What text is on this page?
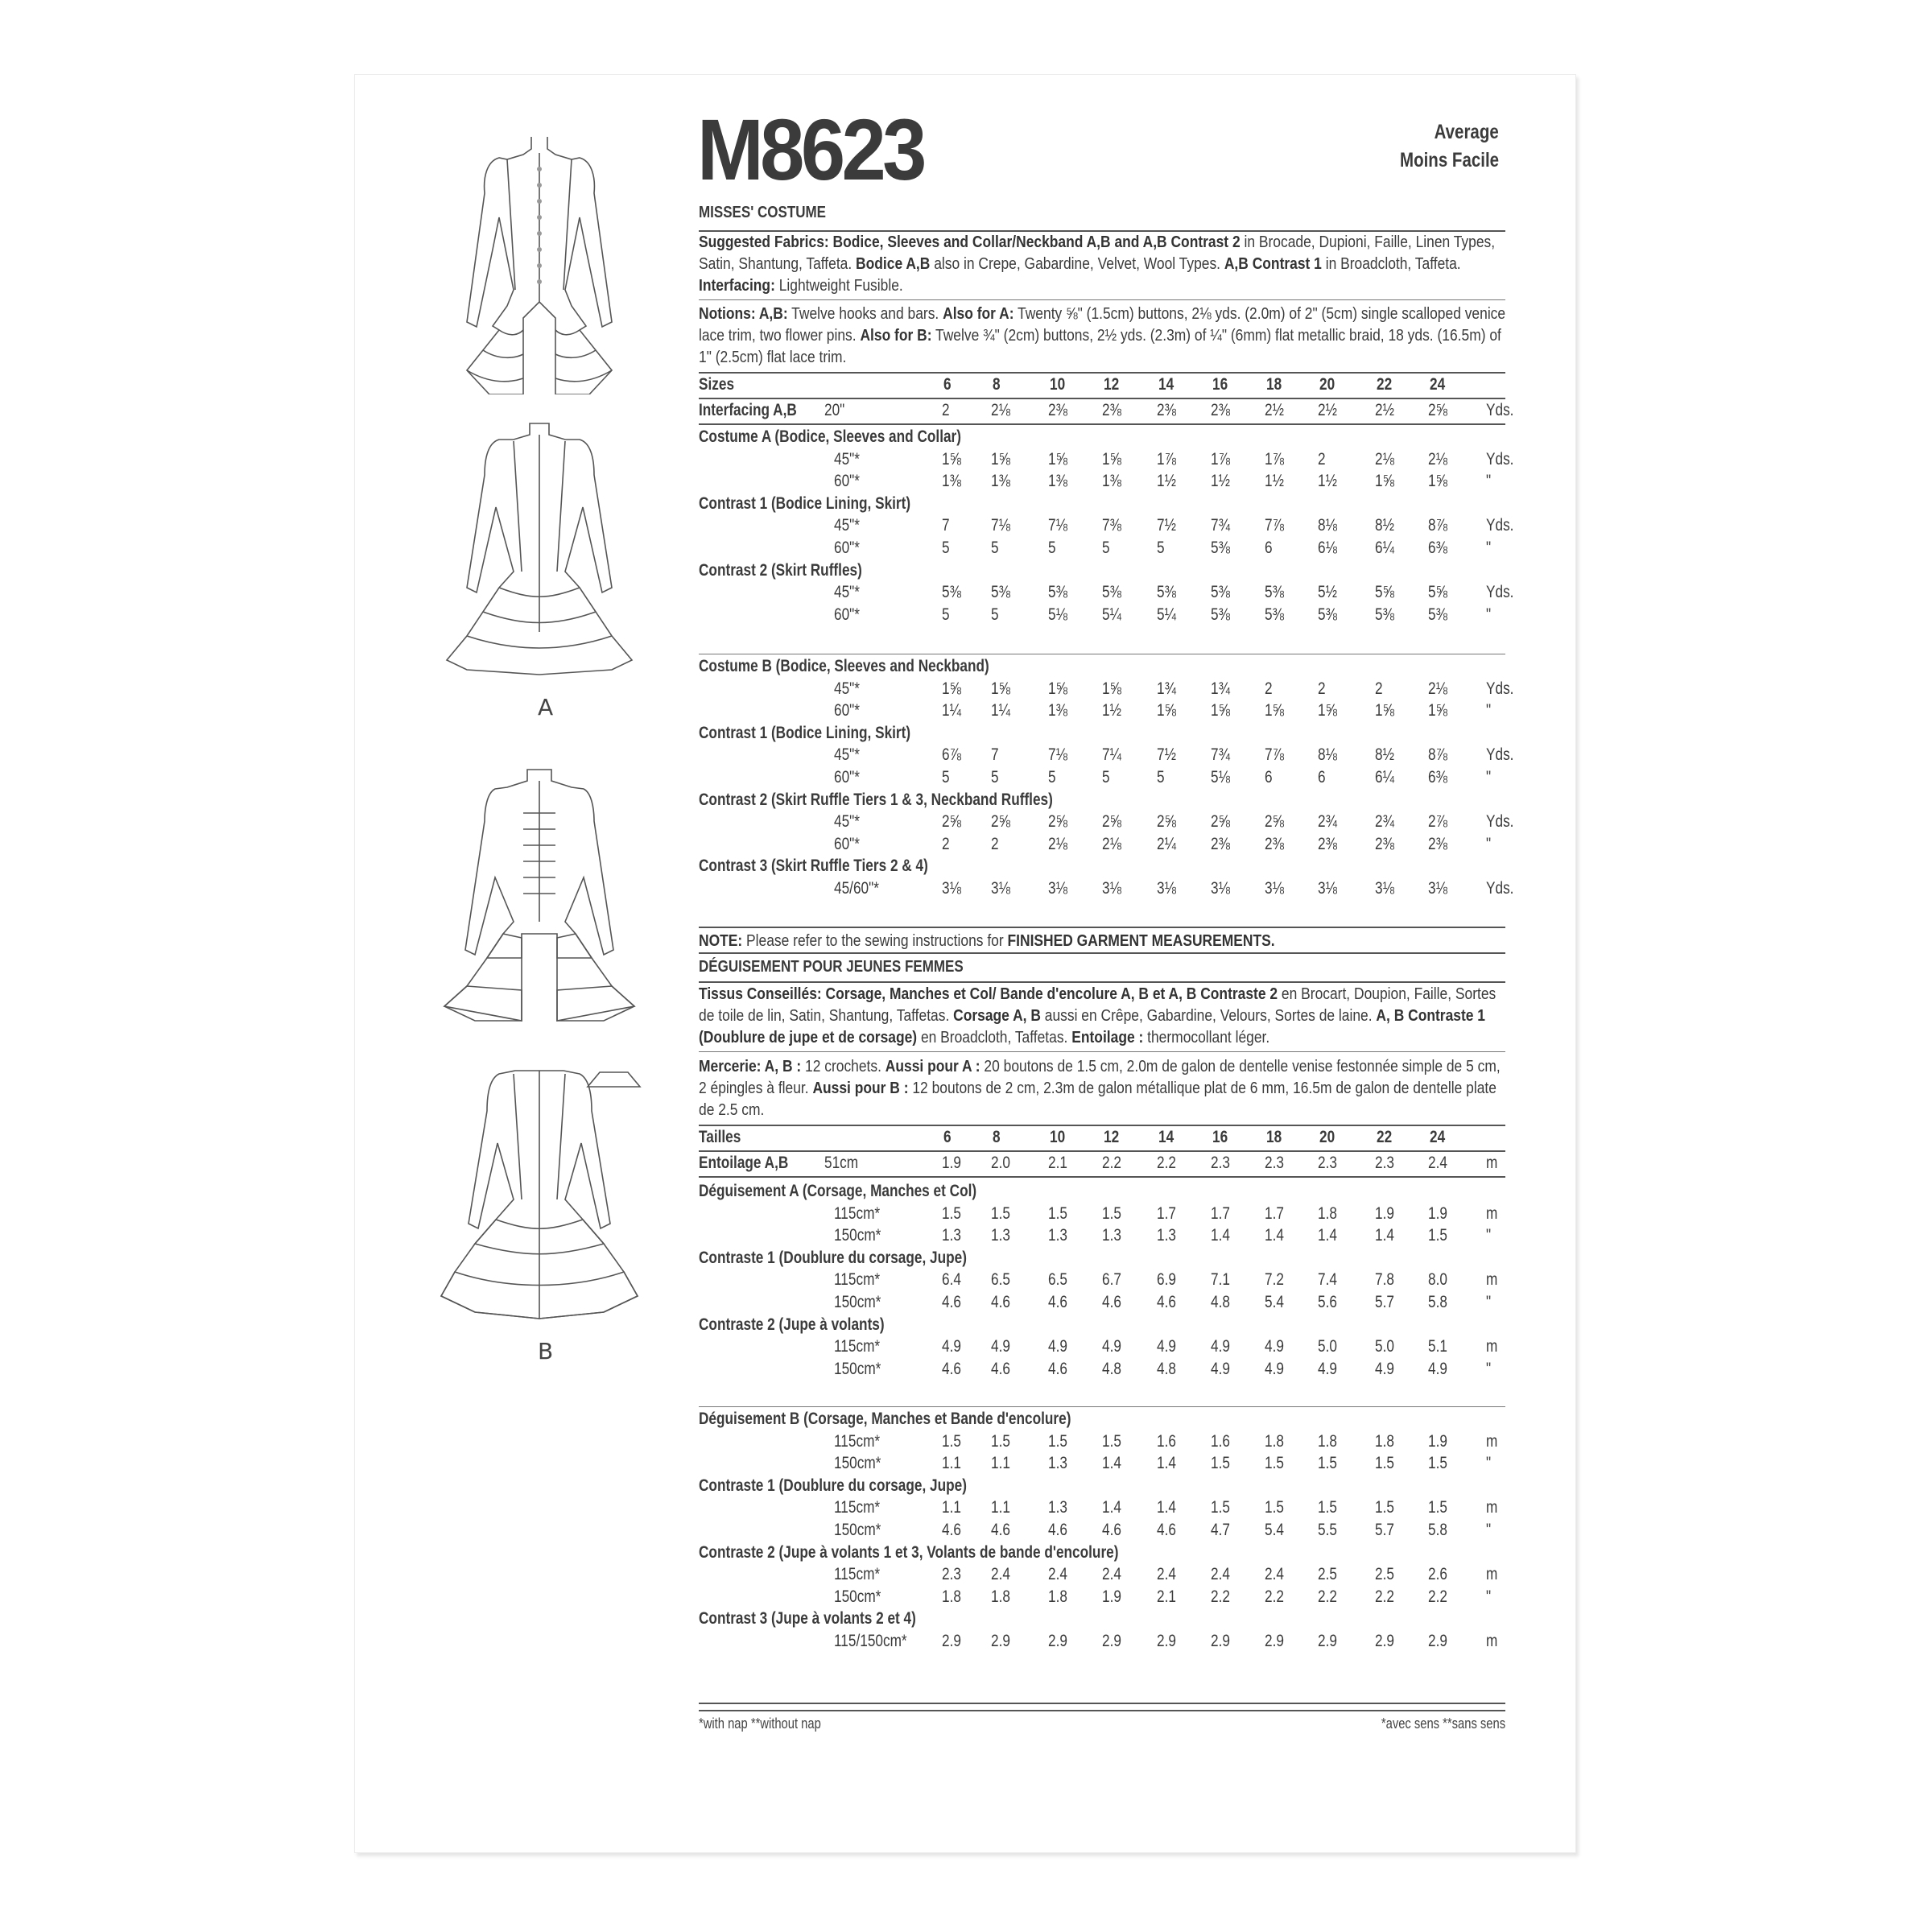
A
B
M8623	Average
Moins Facile
MISSES' COSTUME
Suggested Fabrics: Bodice, Sleeves and Collar/Neckband A,B and A,B Contrast 2 in Brocade, Dupioni, Faille, Linen Types, Satin, Shantung, Taffeta. Bodice A,B also in Crepe, Gabardine, Velvet, Wool Types. A,B Contrast 1 in Broadcloth, Taffeta. Interfacing: Lightweight Fusible.
Notions: A,B: Twelve hooks and bars. Also for A: Twenty ⅝" (1.5cm) buttons, 2⅛ yds. (2.0m) of 2" (5cm) single scalloped venice lace trim, two flower pins. Also for B: Twelve ¾" (2cm) buttons, 2½ yds. (2.3m) of ¼" (6mm) flat metallic braid, 18 yds. (16.5m) of 1" (2.5cm) flat lace trim.
Sizes	6 8	10 12 14 16 18 20 22 24
Interfacing A,B 20"	2 2⅛ 2⅜ 2⅜ 2⅜ 2⅜ 2½ 2½ 2½ 2⅝ Yds.
Costume A (Bodice, Sleeves and Collar)
45"*	1⅝ 1⅝ 1⅝ 1⅝ 1⅞ 1⅞ 1⅞ 2	2⅛ 2⅛ Yds.
60"*	1⅜ 1⅜ 1⅜ 1⅜ 1½ 1½ 1½ 1½ 1⅝ 1⅝ "
Contrast 1 (Bodice Lining, Skirt)
45"*	7 7⅛ 7⅛ 7⅜ 7½ 7¾ 7⅞ 8⅛ 8½ 8⅞ Yds.
60"*	5 5	5	5	5	5⅜ 6	6⅛ 6¼ 6⅜ "
Contrast 2 (Skirt Ruffles)
45"*	5⅜ 5⅜ 5⅜ 5⅜ 5⅜ 5⅜ 5⅜ 5½ 5⅝ 5⅝ Yds.
60"*	5 5	5⅛ 5¼ 5¼ 5⅜ 5⅜ 5⅜ 5⅜ 5⅜ "
Costume B (Bodice, Sleeves and Neckband)
45"*	1⅝ 1⅝ 1⅝ 1⅝ 1¾ 1¾ 2	2	2	2⅛ Yds.
60"*	1¼ 1¼ 1⅜ 1½ 1⅝ 1⅝ 1⅝ 1⅝ 1⅝ 1⅝ "
Contrast 1 (Bodice Lining, Skirt)
45"*	6⅞ 7	7⅛ 7¼ 7½ 7¾ 7⅞ 8⅛ 8½ 8⅞ Yds.
60"*	5 5	5	5	5	5⅛ 6	6	6¼ 6⅜ "
Contrast 2 (Skirt Ruffle Tiers 1 & 3, Neckband Ruffles)
45"*	2⅝ 2⅝ 2⅝ 2⅝ 2⅝ 2⅝ 2⅝ 2¾ 2¾ 2⅞ Yds.
60"*	2 2	2⅛ 2⅛ 2¼ 2⅜ 2⅜ 2⅜ 2⅜ 2⅜ "
Contrast 3 (Skirt Ruffle Tiers 2 & 4)
45/60"*	3⅛ 3⅛ 3⅛ 3⅛ 3⅛ 3⅛ 3⅛ 3⅛ 3⅛ 3⅛ Yds.
Tailles	6 8	10 12 14 16 18 20 22 24
Entoilage A,B 51cm	1.9 2.0 2.1 2.2 2.2 2.3 2.3 2.3 2.3 2.4 m
Déguisement A (Corsage, Manches et Col)
115cm*	1.5 1.5 1.5 1.5 1.7 1.7 1.7 1.8 1.9 1.9 m
150cm*	1.3 1.3 1.3 1.3 1.3 1.4 1.4 1.4 1.4 1.5 "
Contraste 1 (Doublure du corsage, Jupe)
115cm*	6.4 6.5 6.5 6.7 6.9 7.1 7.2 7.4 7.8 8.0 m
150cm*	4.6 4.6 4.6 4.6 4.6 4.8 5.4 5.6 5.7 5.8 "
Contraste 2 (Jupe à volants)
115cm*	4.9 4.9 4.9 4.9 4.9 4.9 4.9 5.0 5.0 5.1 m
150cm*	4.6 4.6 4.6 4.8 4.8 4.9 4.9 4.9 4.9 4.9 "
Déguisement B (Corsage, Manches et Bande d'encolure)
115cm*	1.5 1.5 1.5 1.5 1.6 1.6 1.8 1.8 1.8 1.9 m
150cm*	1.1 1.1 1.3 1.4 1.4 1.5 1.5 1.5 1.5 1.5 "
Contraste 1 (Doublure du corsage, Jupe)
115cm*	1.1 1.1 1.3 1.4 1.4 1.5 1.5 1.5 1.5 1.5 m
150cm*	4.6 4.6 4.6 4.6 4.6 4.7 5.4 5.5 5.7 5.8 "
Contraste 2 (Jupe à volants 1 et 3, Volants de bande d'encolure)
115cm*	2.3 2.4 2.4 2.4 2.4 2.4 2.4 2.5 2.5 2.6 m
150cm*	1.8 1.8 1.8 1.9 2.1 2.2 2.2 2.2 2.2 2.2 "
Contrast 3 (Jupe à volants 2 et 4)
115/150cm* 2.9 2.9 2.9 2.9 2.9 2.9 2.9 2.9 2.9 2.9 m
NOTE: Please refer to the sewing instructions for FINISHED GARMENT MEASUREMENTS.
DÉGUISEMENT POUR JEUNES FEMMES
Tissus Conseillés: Corsage, Manches et Col/ Bande d'encolure A, B et A, B Contraste 2 en Brocart, Doupion, Faille, Sortes de toile de lin, Satin, Shantung, Taffetas. Corsage A, B aussi en Crêpe, Gabardine, Velours, Sortes de laine. A, B Contraste 1 (Doublure de jupe et de corsage) en Broadcloth, Taffetas. Entoilage : thermocollant léger.
Mercerie: A, B : 12 crochets. Aussi pour A : 20 boutons de 1.5 cm, 2.0m de galon de dentelle venise festonnée simple de 5 cm, 2 épingles à fleur. Aussi pour B : 12 boutons de 2 cm, 2.3m de galon métallique plat de 6 mm, 16.5m de galon de dentelle plate de 2.5 cm.
*with nap **without nap	*avec sens **sans sens
